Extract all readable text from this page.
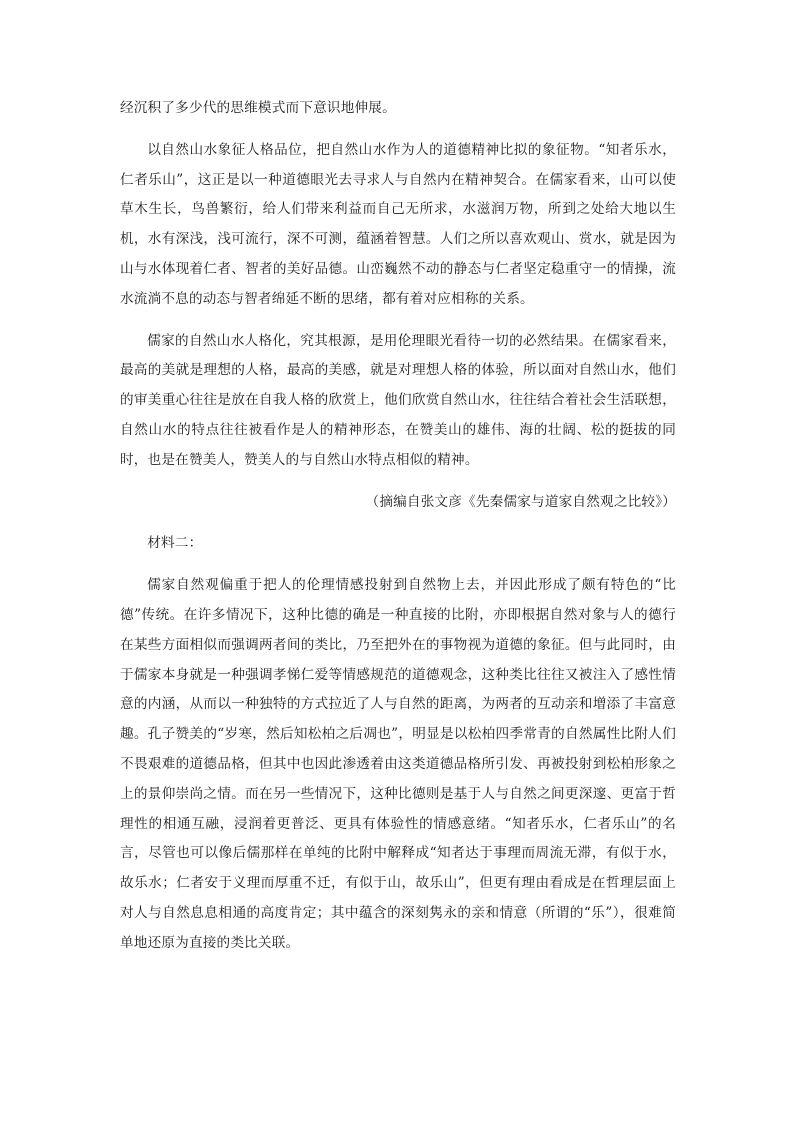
经沉积了多少代的思维模式而下意识地伸展。

以自然山水象征人格品位，把自然山水作为人的道德精神比拟的象征物。“知者乐水，仁者乐山”，这正是以一种道德眼光去寻求人与自然内在精神契合。在儒家看来，山可以使草木生长，鸟兽繁衍，给人们带来利益而自己无所求，水滋润万物，所到之处给大地以生机，水有深浅，浅可流行，深不可测，蕴涵着智慧。人们之所以喜欢观山、赏水，就是因为山与水体现着仁者、智者的美好品德。山峦巍然不动的静态与仁者坚定稳重守一的情操，流水流淌不息的动态与智者绵延不断的思绪，都有着对应相称的关系。

儒家的自然山水人格化，究其根源，是用伦理眼光看待一切的必然结果。在儒家看来，最高的美就是理想的人格，最高的美感，就是对理想人格的体验，所以面对自然山水，他们的审美重心往往是放在自我人格的欣赏上，他们欣赏自然山水，往往结合着社会生活联想，自然山水的特点往往被看作是人的精神形态，在赞美山的雄伟、海的壮阔、松的挺拔的同时，也是在赞美人，赞美人的与自然山水特点相似的精神。

（摘编自张文彦《先秦儒家与道家自然观之比较》）

材料二：

儒家自然观偏重于把人的伦理情感投射到自然物上去，并因此形成了颇有特色的“比德”传统。在许多情况下，这种比德的确是一种直接的比附，亦即根据自然对象与人的德行在某些方面相似而强调两者间的类比，乃至把外在的事物视为道德的象征。但与此同时，由于儒家本身就是一种强调孝悌仁爱等情感规范的道德观念，这种类比往往又被注入了感性情意的内涵，从而以一种独特的方式拉近了人与自然的距离，为两者的互动亲和增添了丰富意趣。孔子赞美的“岁寒，然后知松柏之后凋也”，明显是以松柏四季常青的自然属性比附人们不畏艰难的道德品格，但其中也因此渗透着由这类道德品格所引发、再被投射到松柏形象之上的景仰崇尚之情。而在另一些情况下，这种比德则是基于人与自然之间更深邃、更富于哲理性的相通互融，浸润着更普泛、更具有体验性的情感意绪。“知者乐水，仁者乐山”的名言，尽管也可以像后儒那样在单纯的比附中解释成“知者达于事理而周流无滞，有似于水，故乐水；仁者安于义理而厚重不迁，有似于山，故乐山”，但更有理由看成是在哲理层面上对人与自然息息相通的高度肯定；其中蕴含的深刻隽永的亲和情意（所谓的“乐”），很难简单地还原为直接的类比关联。
